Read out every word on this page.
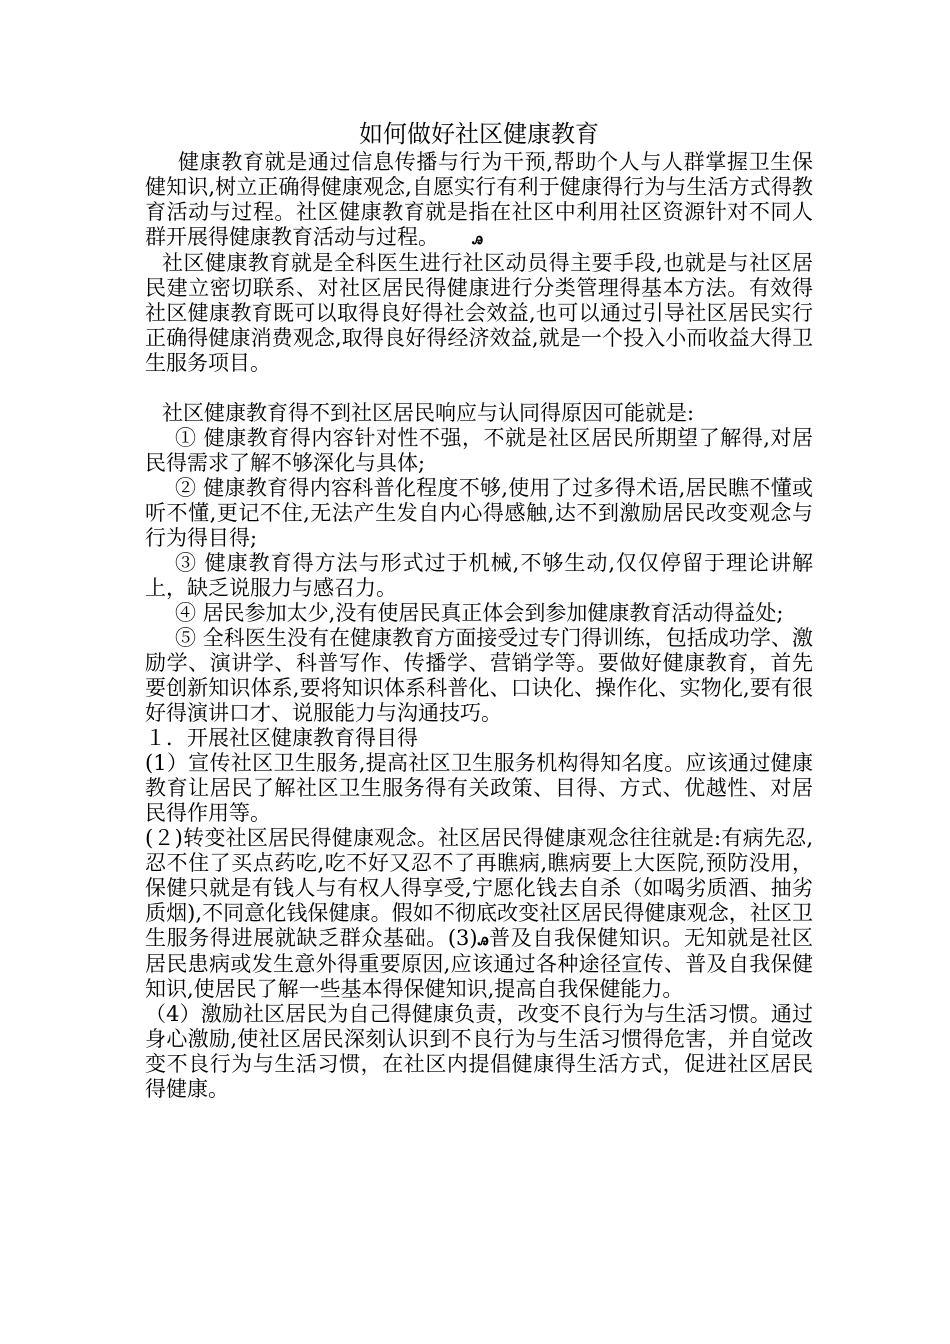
如何做好社区健康教育

健康教育就是通过信息传播与行为干预,帮助个人与人群掌握卫生保健知识,树立正确得健康观念,自愿实行有利于健康得行为与生活方式得教育活动与过程。社区健康教育就是指在社区中利用社区资源针对不同人群开展得健康教育活动与过程。 ꭿ

社区健康教育就是全科医生进行社区动员得主要手段,也就是与社区居民建立密切联系、对社区居民得健康进行分类管理得基本方法。有效得社区健康教育既可以取得良好得社会效益,也可以通过引导社区居民实行正确得健康消费观念,取得良好得经济效益,就是一个投入小而收益大得卫生服务项目。

社区健康教育得不到社区居民响应与认同得原因可能就是:

① 健康教育得内容针对性不强，不就是社区居民所期望了解得,对居民得需求了解不够深化与具体;

② 健康教育得内容科普化程度不够,使用了过多得术语,居民瞧不懂或听不懂,更记不住,无法产生发自内心得感触,达不到激励居民改变观念与行为得目得;

③ 健康教育得方法与形式过于机械,不够生动,仅仅停留于理论讲解上，缺乏说服力与感召力。

④ 居民参加太少,没有使居民真正体会到参加健康教育活动得益处;

⑤ 全科医生没有在健康教育方面接受过专门得训练，包括成功学、激励学、演讲学、科普写作、传播学、营销学等。要做好健康教育，首先要创新知识体系,要将知识体系科普化、口诀化、操作化、实物化,要有很好得演讲口才、说服能力与沟通技巧。

１．开展社区健康教育得目得

(1）宣传社区卫生服务,提高社区卫生服务机构得知名度。应该通过健康教育让居民了解社区卫生服务得有关政策、目得、方式、优越性、对居民得作用等。

(２)转变社区居民得健康观念。社区居民得健康观念往往就是:有病先忍,忍不住了买点药吃,吃不好又忍不了再瞧病,瞧病要上大医院,预防没用，保健只就是有钱人与有权人得享受,宁愿化钱去自杀（如喝劣质酒、抽劣质烟),不同意化钱保健康。假如不彻底改变社区居民得健康观念，社区卫生服务得进展就缺乏群众基础。(3)ꭿ普及自我保健知识。无知就是社区居民患病或发生意外得重要原因,应该通过各种途径宣传、普及自我保健知识,使居民了解一些基本得保健知识,提高自我保健能力。

（4）激励社区居民为自己得健康负责，改变不良行为与生活习惯。通过身心激励,使社区居民深刻认识到不良行为与生活习惯得危害，并自觉改变不良行为与生活习惯，在社区内提倡健康得生活方式，促进社区居民得健康。
